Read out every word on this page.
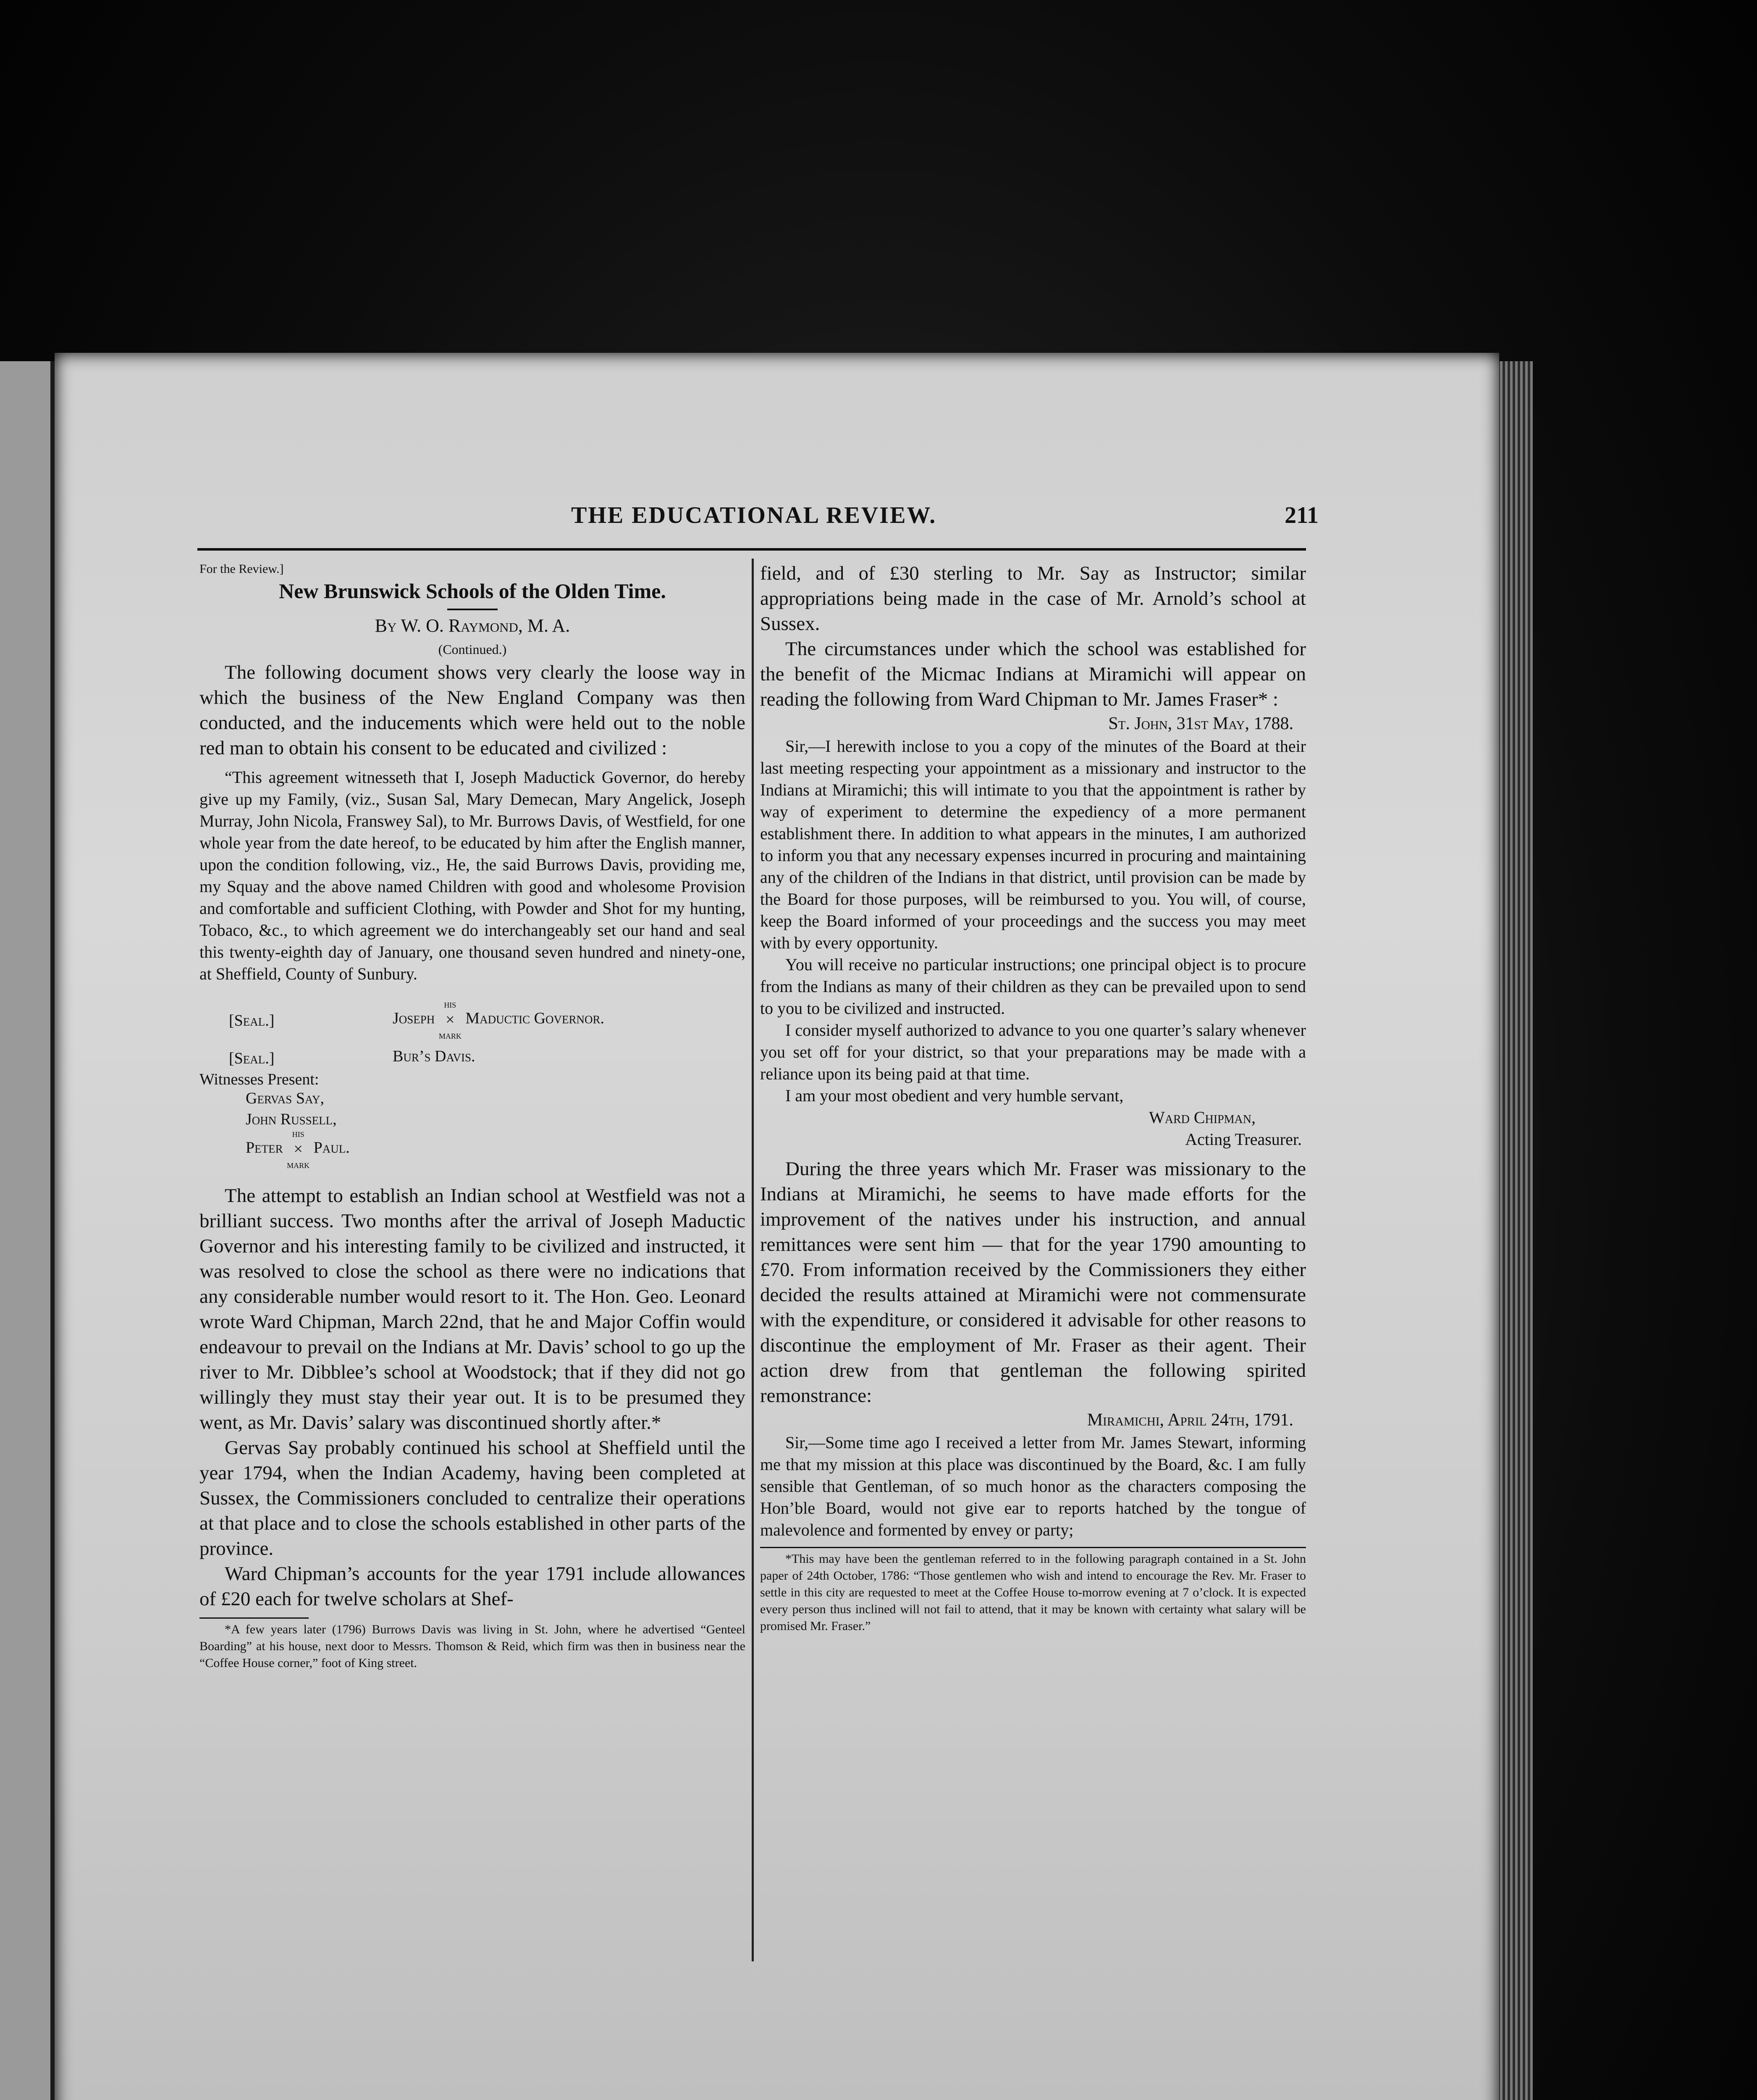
THE EDUCATIONAL REVIEW.	211

For the Review.]

New Brunswick Schools of the Olden Time.

By W. O. Raymond, M. A.

(Continued.)

The following document shows very clearly the loose way in which the business of the New England Company was then conducted, and the inducements which were held out to the noble red man to obtain his consent to be educated and civilized :

“This agreement witnesseth that I, Joseph Maductick Governor, do hereby give up my Family, (viz., Susan Sal, Mary Demecan, Mary Angelick, Joseph Murray, John Nicola, Franswey Sal), to Mr. Burrows Davis, of Westfield, for one whole year from the date hereof, to be educated by him after the English manner, upon the condition following, viz., He, the said Burrows Davis, providing me, my Squay and the above named Children with good and wholesome Provision and comfortable and sufficient Clothing, with Powder and Shot for my hunting, Tobaco, &c., to which agreement we do interchangeably set our hand and seal this twenty-eighth day of January, one thousand seven hundred and ninety-one, at Sheffield, County of Sunbury.

[Seal.]	Joseph
his
×
mark
Maductic Governor.
[Seal.]	Bur’s Davis.
Witnesses Present:
Gervas Say,
John Russell,
Peter
his
×
mark
Paul.

The attempt to establish an Indian school at Westfield was not a brilliant success. Two months after the arrival of Joseph Maductic Governor and his interesting family to be civilized and instructed, it was resolved to close the school as there were no indications that any considerable number would resort to it. The Hon. Geo. Leonard wrote Ward Chipman, March 22nd, that he and Major Coffin would endeavour to prevail on the Indians at Mr. Davis’ school to go up the river to Mr. Dibblee’s school at Woodstock; that if they did not go willingly they must stay their year out. It is to be presumed they went, as Mr. Davis’ salary was discontinued shortly after.*

Gervas Say probably continued his school at Sheffield until the year 1794, when the Indian Academy, having been completed at Sussex, the Commissioners concluded to centralize their operations at that place and to close the schools established in other parts of the province.

Ward Chipman’s accounts for the year 1791 include allowances of £20 each for twelve scholars at Shef-

*A few years later (1796) Burrows Davis was living in St. John, where he advertised “Genteel Boarding” at his house, next door to Messrs. Thomson & Reid, which firm was then in business near the “Coffee House corner,” foot of King street.

field, and of £30 sterling to Mr. Say as Instructor; similar appropriations being made in the case of Mr. Arnold’s school at Sussex.

The circumstances under which the school was established for the benefit of the Micmac Indians at Miramichi will appear on reading the following from Ward Chipman to Mr. James Fraser* :

St. John, 31st May, 1788.

Sir,—I herewith inclose to you a copy of the minutes of the Board at their last meeting respecting your appointment as a missionary and instructor to the Indians at Miramichi; this will intimate to you that the appointment is rather by way of experiment to determine the expediency of a more permanent establishment there. In addition to what appears in the minutes, I am authorized to inform you that any necessary expenses incurred in procuring and maintaining any of the children of the Indians in that district, until provision can be made by the Board for those purposes, will be reimbursed to you. You will, of course, keep the Board informed of your proceedings and the success you may meet with by every opportunity.

You will receive no particular instructions; one principal object is to procure from the Indians as many of their children as they can be prevailed upon to send to you to be civilized and instructed.

I consider myself authorized to advance to you one quarter’s salary whenever you set off for your district, so that your preparations may be made with a reliance upon its being paid at that time.

I am your most obedient and very humble servant,

Ward Chipman,

Acting Treasurer.

During the three years which Mr. Fraser was missionary to the Indians at Miramichi, he seems to have made efforts for the improvement of the natives under his instruction, and annual remittances were sent him — that for the year 1790 amounting to £70. From information received by the Commissioners they either decided the results attained at Miramichi were not commensurate with the expenditure, or considered it advisable for other reasons to discontinue the employment of Mr. Fraser as their agent. Their action drew from that gentleman the following spirited remonstrance:

Miramichi, April 24th, 1791.

Sir,—Some time ago I received a letter from Mr. James Stewart, informing me that my mission at this place was discontinued by the Board, &c. I am fully sensible that Gentleman, of so much honor as the characters composing the Hon’ble Board, would not give ear to reports hatched by the tongue of malevolence and formented by envey or party;

*This may have been the gentleman referred to in the following paragraph contained in a St. John paper of 24th October, 1786: “Those gentlemen who wish and intend to encourage the Rev. Mr. Fraser to settle in this city are requested to meet at the Coffee House to-morrow evening at 7 o’clock. It is expected every person thus inclined will not fail to attend, that it may be known with certainty what salary will be promised Mr. Fraser.”
